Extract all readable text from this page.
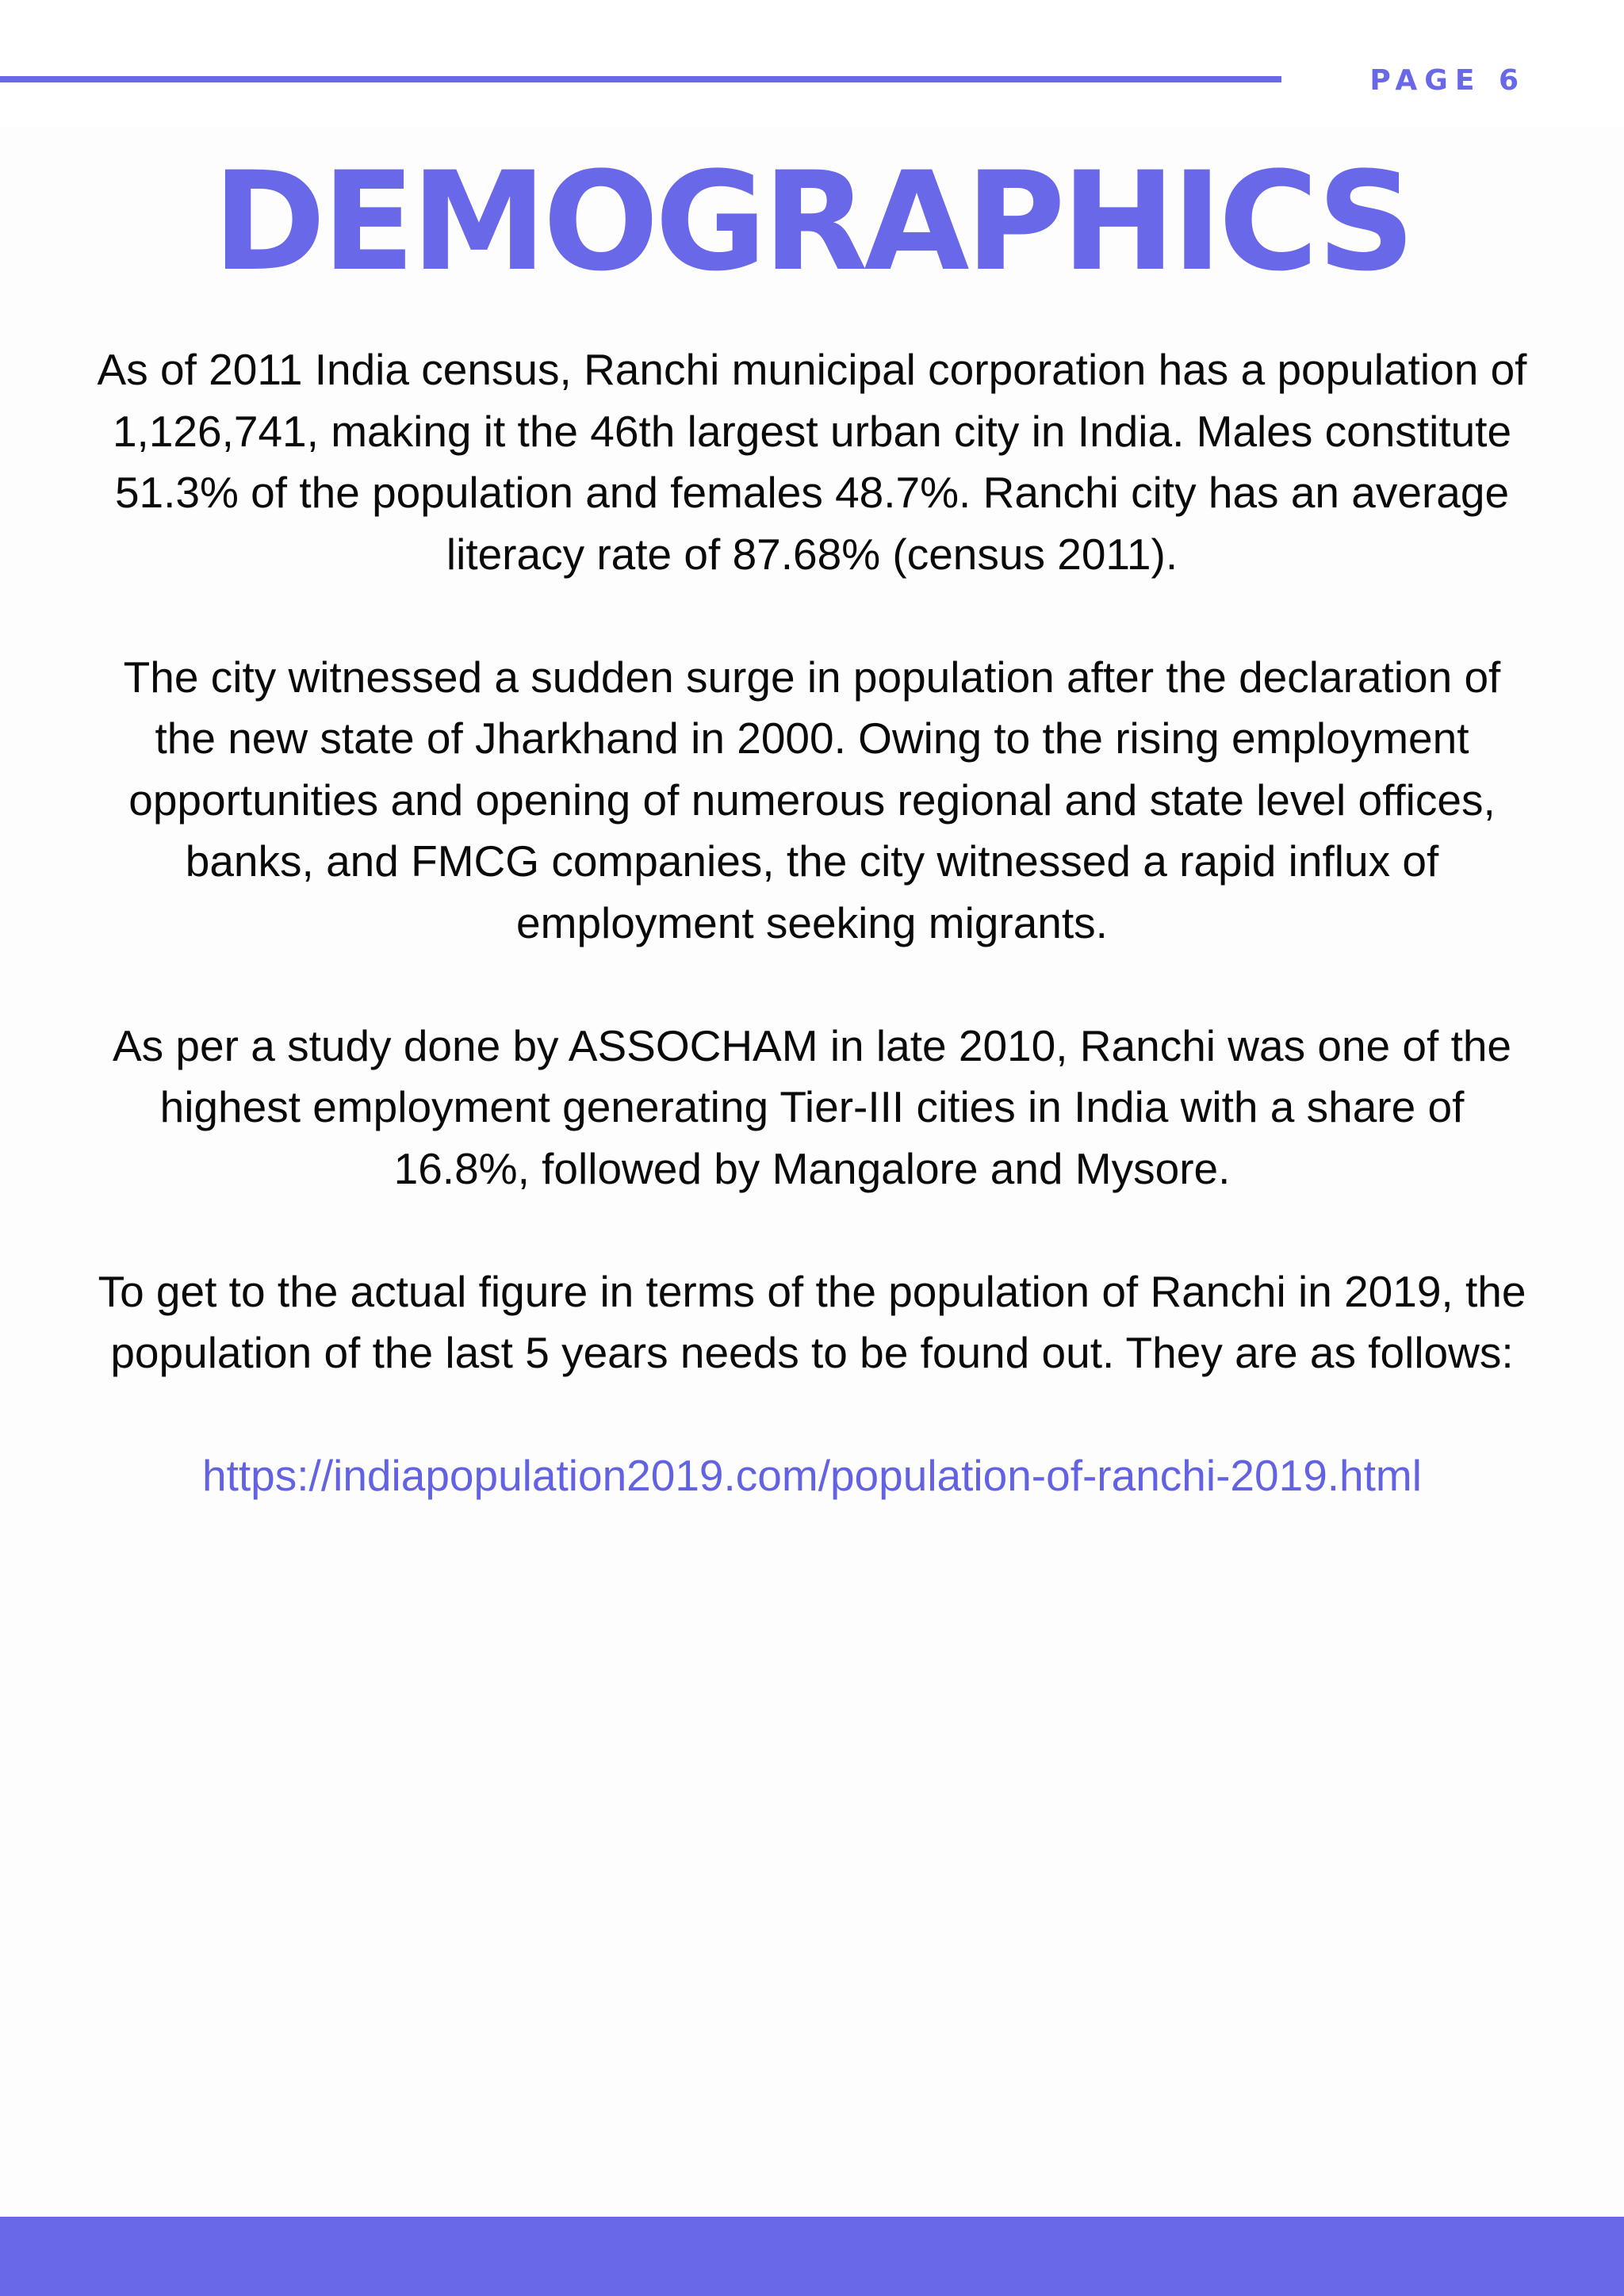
PAGE 6
DEMOGRAPHICS

As of 2011 India census, Ranchi municipal corporation has a population of 1,126,741, making it the 46th largest urban city in India. Males constitute 51.3% of the population and females 48.7%. Ranchi city has an average literacy rate of 87.68% (census 2011).

The city witnessed a sudden surge in population after the declaration of the new state of Jharkhand in 2000. Owing to the rising employment opportunities and opening of numerous regional and state level offices, banks, and FMCG companies, the city witnessed a rapid influx of employment seeking migrants.

As per a study done by ASSOCHAM in late 2010, Ranchi was one of the highest employment generating Tier-III cities in India with a share of 16.8%, followed by Mangalore and Mysore.

To get to the actual figure in terms of the population of Ranchi in 2019, the population of the last 5 years needs to be found out. They are as follows:

https://indiapopulation2019.com/population-of-ranchi-2019.html
